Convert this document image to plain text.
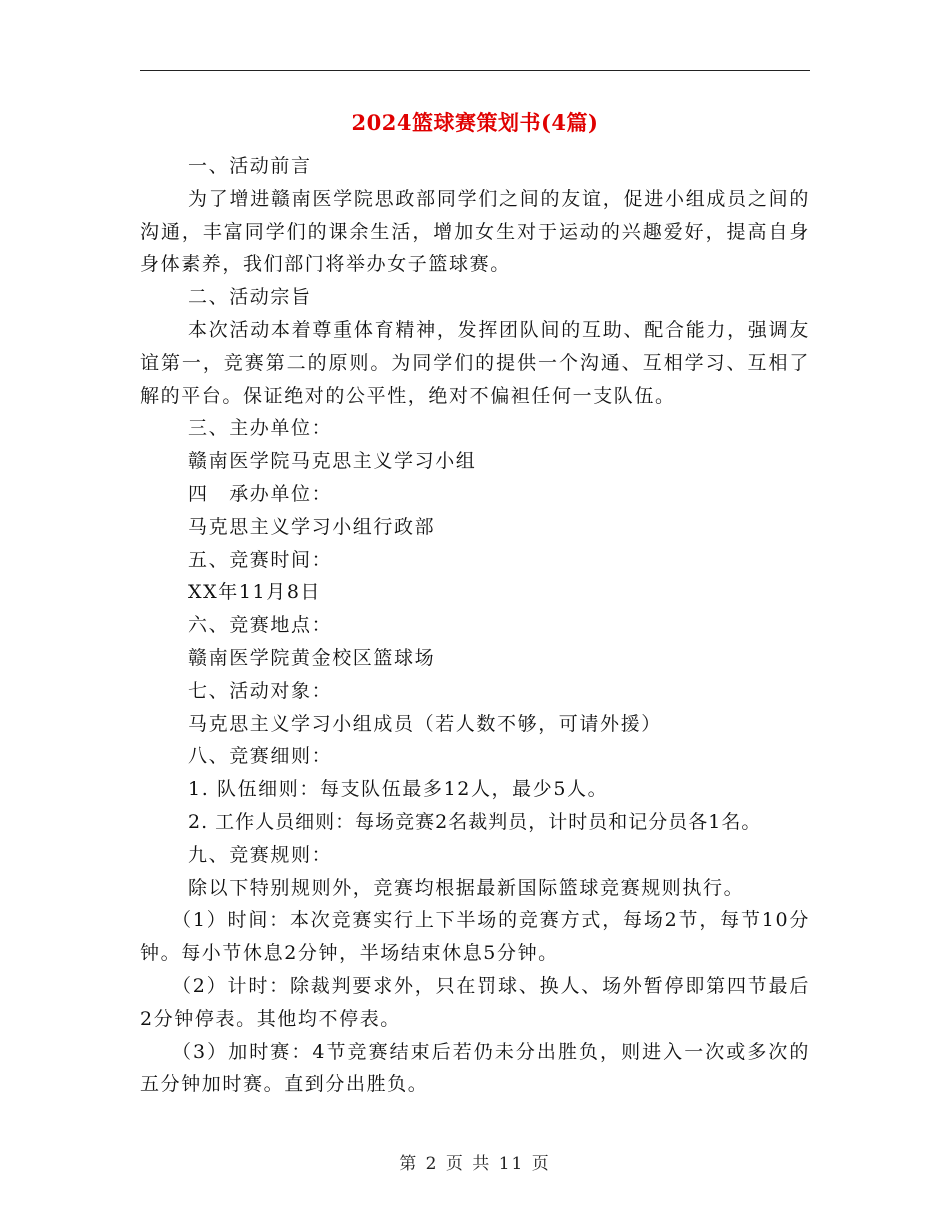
2024篮球赛策划书(4篇)

一、活动前言

为了增进赣南医学院思政部同学们之间的友谊，促进小组成员之间的沟通，丰富同学们的课余生活，增加女生对于运动的兴趣爱好，提高自身身体素养，我们部门将举办女子篮球赛。

二、活动宗旨

本次活动本着尊重体育精神，发挥团队间的互助、配合能力，强调友谊第一，竞赛第二的原则。为同学们的提供一个沟通、互相学习、互相了解的平台。保证绝对的公平性，绝对不偏袒任何一支队伍。

三、主办单位：

赣南医学院马克思主义学习小组

四　承办单位：

马克思主义学习小组行政部

五、竞赛时间：

XX年11月8日

六、竞赛地点：

赣南医学院黄金校区篮球场

七、活动对象：

马克思主义学习小组成员（若人数不够，可请外援）

八、竞赛细则：

1. 队伍细则：每支队伍最多12人，最少5人。

2. 工作人员细则：每场竞赛2名裁判员，计时员和记分员各1名。

九、竞赛规则：

除以下特别规则外，竞赛均根据最新国际篮球竞赛规则执行。

（1）时间：本次竞赛实行上下半场的竞赛方式，每场2节，每节10分钟。每小节休息2分钟，半场结束休息5分钟。

（2）计时：除裁判要求外，只在罚球、换人、场外暂停即第四节最后2分钟停表。其他均不停表。

（3）加时赛：4节竞赛结束后若仍未分出胜负，则进入一次或多次的五分钟加时赛。直到分出胜负。

第 2 页 共 11 页
